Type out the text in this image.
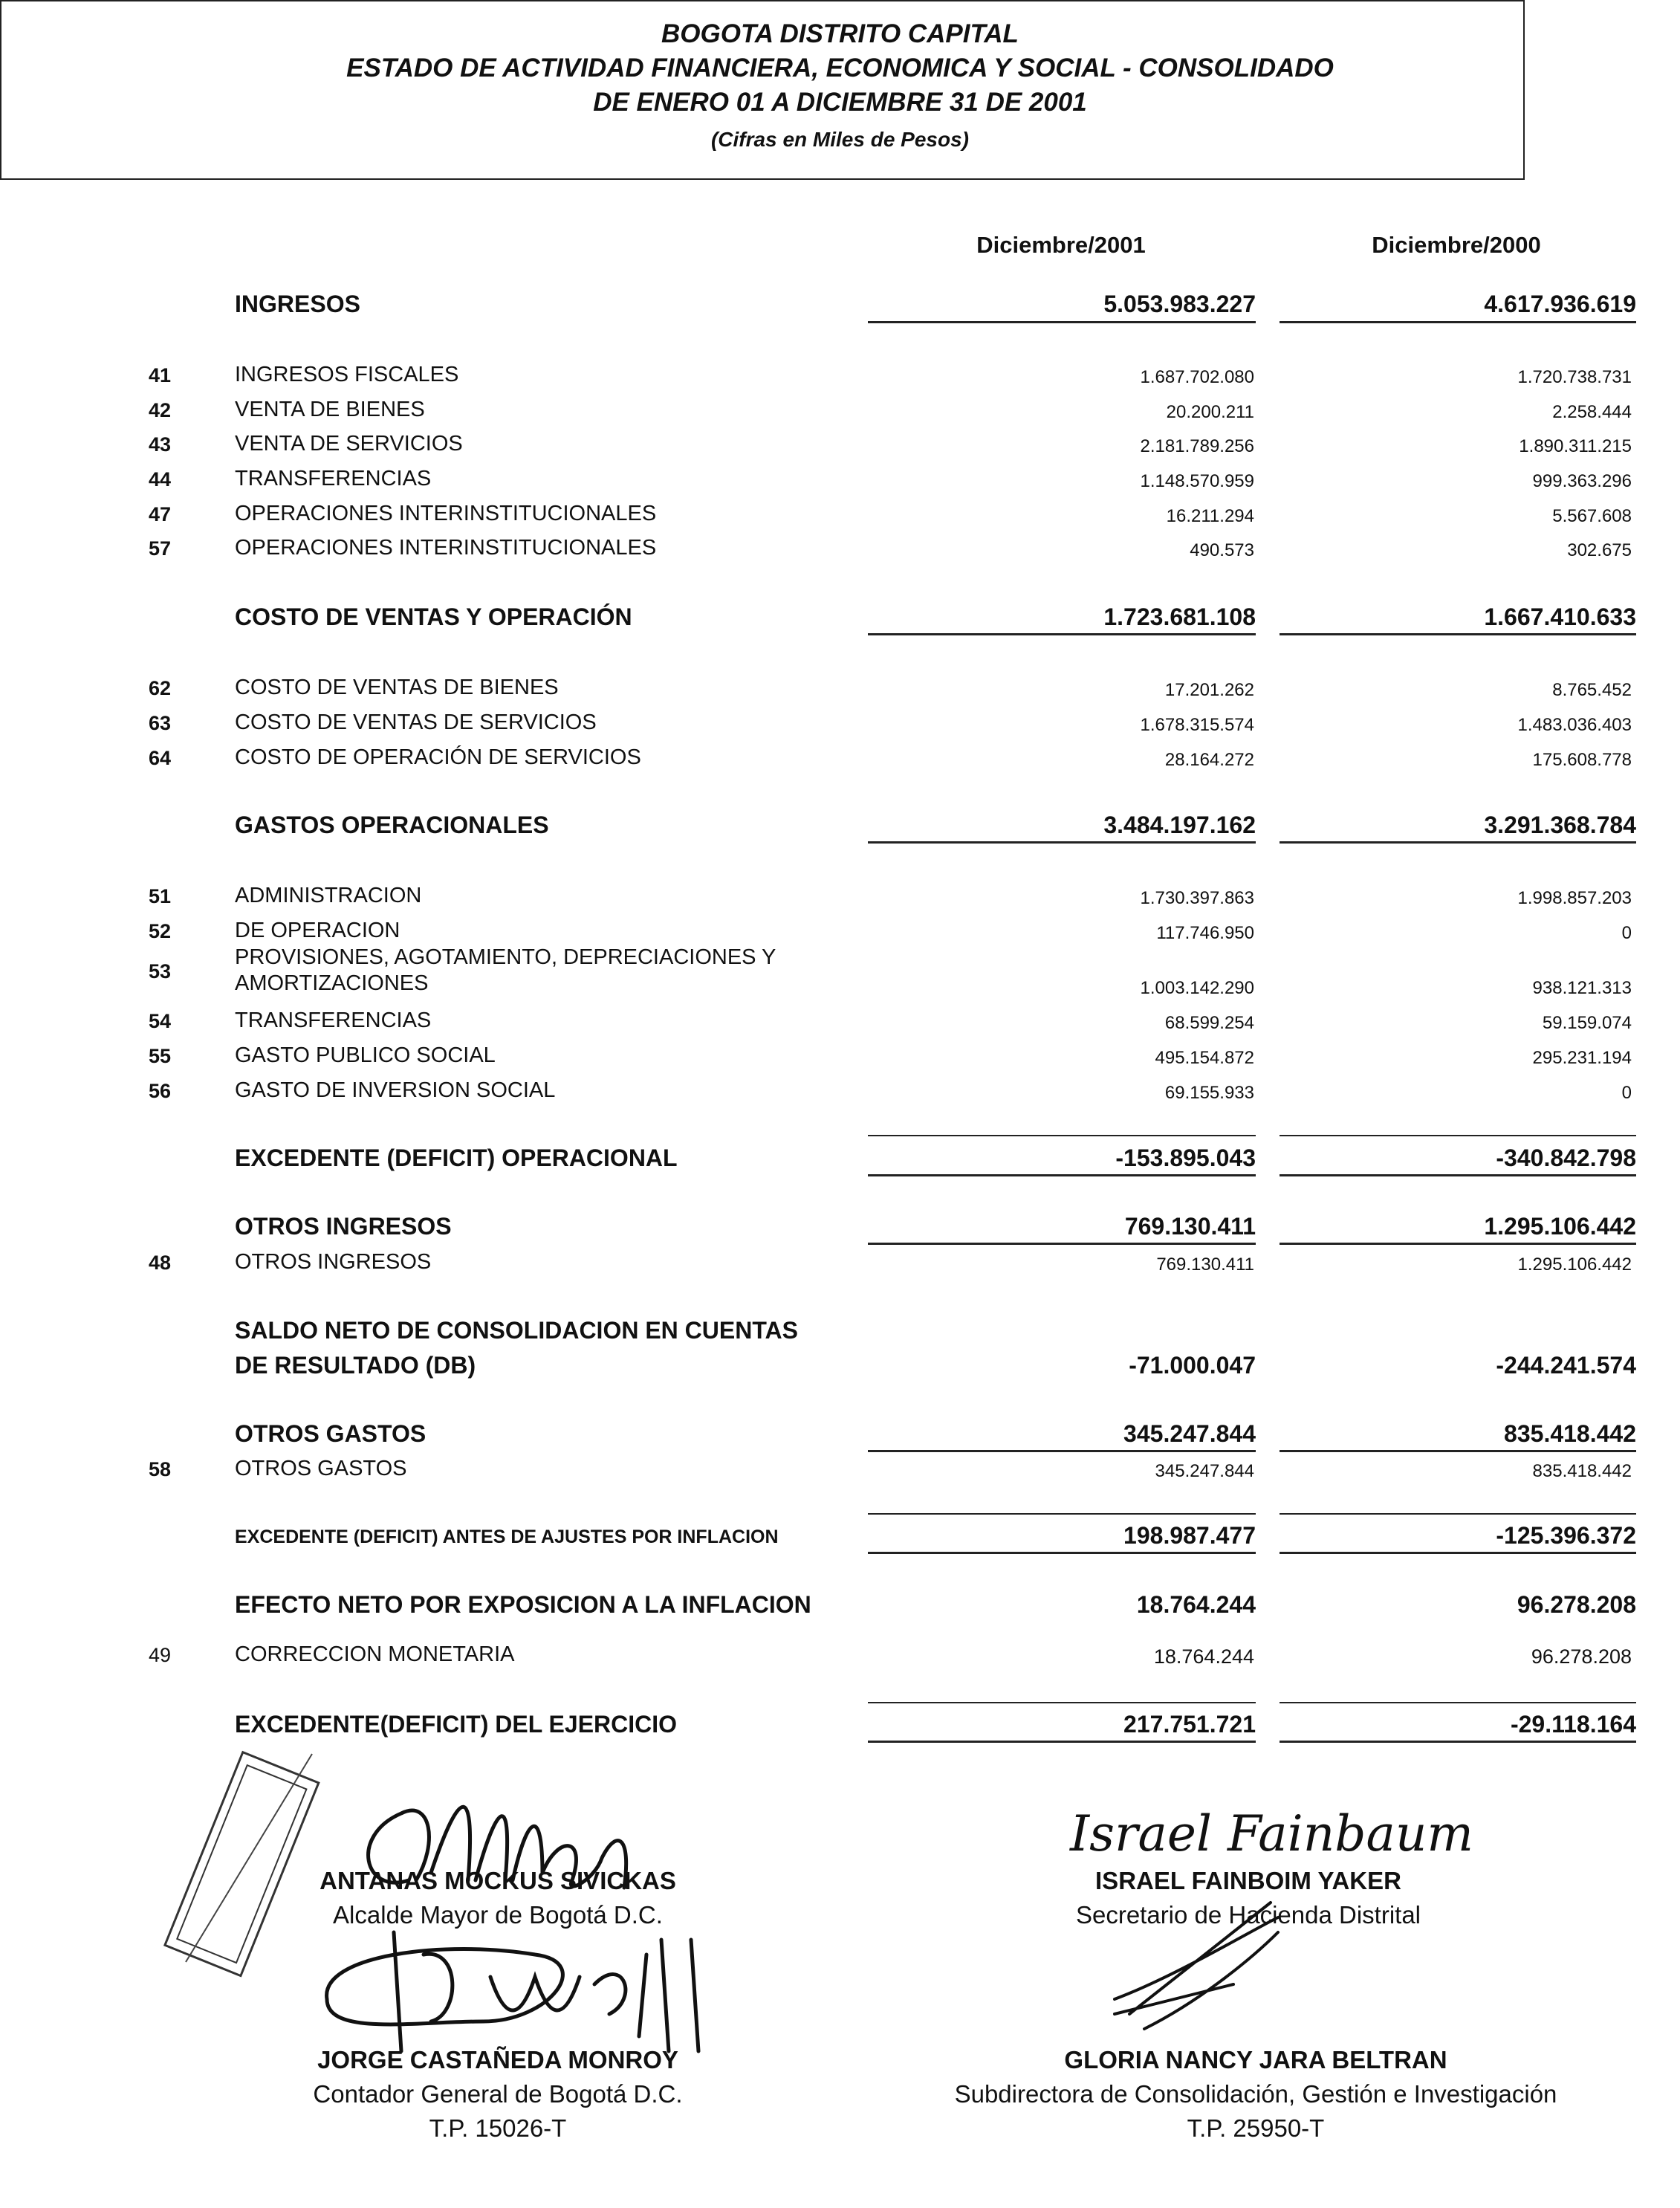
BOGOTA DISTRITO CAPITAL
ESTADO DE ACTIVIDAD FINANCIERA, ECONOMICA Y SOCIAL - CONSOLIDADO
DE ENERO 01 A DICIEMBRE 31 DE 2001
(Cifras en Miles de Pesos)
Diciembre/2001	Diciembre/2000
INGRESOS	5.053.983.227	4.617.936.619
41	INGRESOS FISCALES	1.687.702.080	1.720.738.731
42	VENTA DE BIENES	20.200.211	2.258.444
43	VENTA DE SERVICIOS	2.181.789.256	1.890.311.215
44	TRANSFERENCIAS	1.148.570.959	999.363.296
47	OPERACIONES INTERINSTITUCIONALES	16.211.294	5.567.608
57	OPERACIONES INTERINSTITUCIONALES	490.573	302.675
COSTO DE VENTAS Y OPERACIÓN	1.723.681.108	1.667.410.633
62	COSTO DE VENTAS DE BIENES	17.201.262	8.765.452
63	COSTO DE VENTAS DE SERVICIOS	1.678.315.574	1.483.036.403
64	COSTO DE OPERACIÓN DE SERVICIOS	28.164.272	175.608.778
GASTOS OPERACIONALES	3.484.197.162	3.291.368.784
51	ADMINISTRACION	1.730.397.863	1.998.857.203
52	DE OPERACION	117.746.950	0
53
PROVISIONES, AGOTAMIENTO, DEPRECIACIONES Y
AMORTIZACIONES	1.003.142.290	938.121.313
54	TRANSFERENCIAS	68.599.254	59.159.074
55	GASTO PUBLICO SOCIAL	495.154.872	295.231.194
56	GASTO DE INVERSION SOCIAL	69.155.933	0
EXCEDENTE (DEFICIT) OPERACIONAL	-153.895.043	-340.842.798
OTROS INGRESOS	769.130.411	1.295.106.442
48	OTROS INGRESOS	769.130.411	1.295.106.442
SALDO NETO DE CONSOLIDACION EN CUENTAS
DE RESULTADO (DB)	-71.000.047	-244.241.574
OTROS GASTOS	345.247.844	835.418.442
58	OTROS GASTOS	345.247.844	835.418.442
EXCEDENTE (DEFICIT) ANTES DE AJUSTES POR INFLACION	198.987.477	-125.396.372
EFECTO NETO POR EXPOSICION A LA INFLACION	18.764.244	96.278.208
49	CORRECCION MONETARIA	18.764.244	96.278.208
EXCEDENTE(DEFICIT) DEL EJERCICIO	217.751.721	-29.118.164
Israel Fainbaum
ANTANAS MOCKUS SIVICKAS
Alcalde Mayor de Bogotá D.C.
ISRAEL FAINBOIM YAKER
Secretario de Hacienda Distrital
JORGE CASTAÑEDA MONROY
Contador General de Bogotá D.C.
T.P. 15026-T
GLORIA NANCY JARA BELTRAN
Subdirectora de Consolidación, Gestión e Investigación
T.P. 25950-T
